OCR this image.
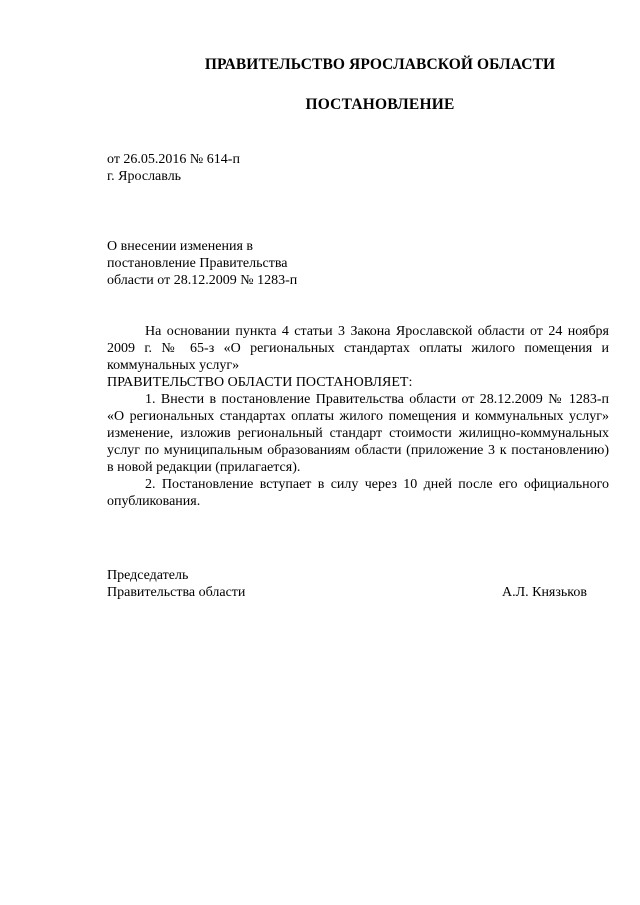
ПРАВИТЕЛЬСТВО ЯРОСЛАВСКОЙ ОБЛАСТИ
ПОСТАНОВЛЕНИЕ
от 26.05.2016 № 614-п
г. Ярославль
О внесении изменения в
постановление Правительства
области от 28.12.2009 № 1283-п

На основании пункта 4 статьи 3 Закона Ярославской области от 24 ноября 2009 г. № 65-з «О региональных стандартах оплаты жилого помещения и коммунальных услуг»

ПРАВИТЕЛЬСТВО ОБЛАСТИ ПОСТАНОВЛЯЕТ:

1. Внести в постановление Правительства области от 28.12.2009 № 1283-п «О региональных стандартах оплаты жилого помещения и коммунальных услуг» изменение, изложив региональный стандарт стоимости жилищно-коммунальных услуг по муниципальным образованиям области (приложение 3 к постановлению) в новой редакции (прилагается).

2. Постановление вступает в силу через 10 дней после его официального опубликования.

Председатель
Правительства области	А.Л. Князьков
